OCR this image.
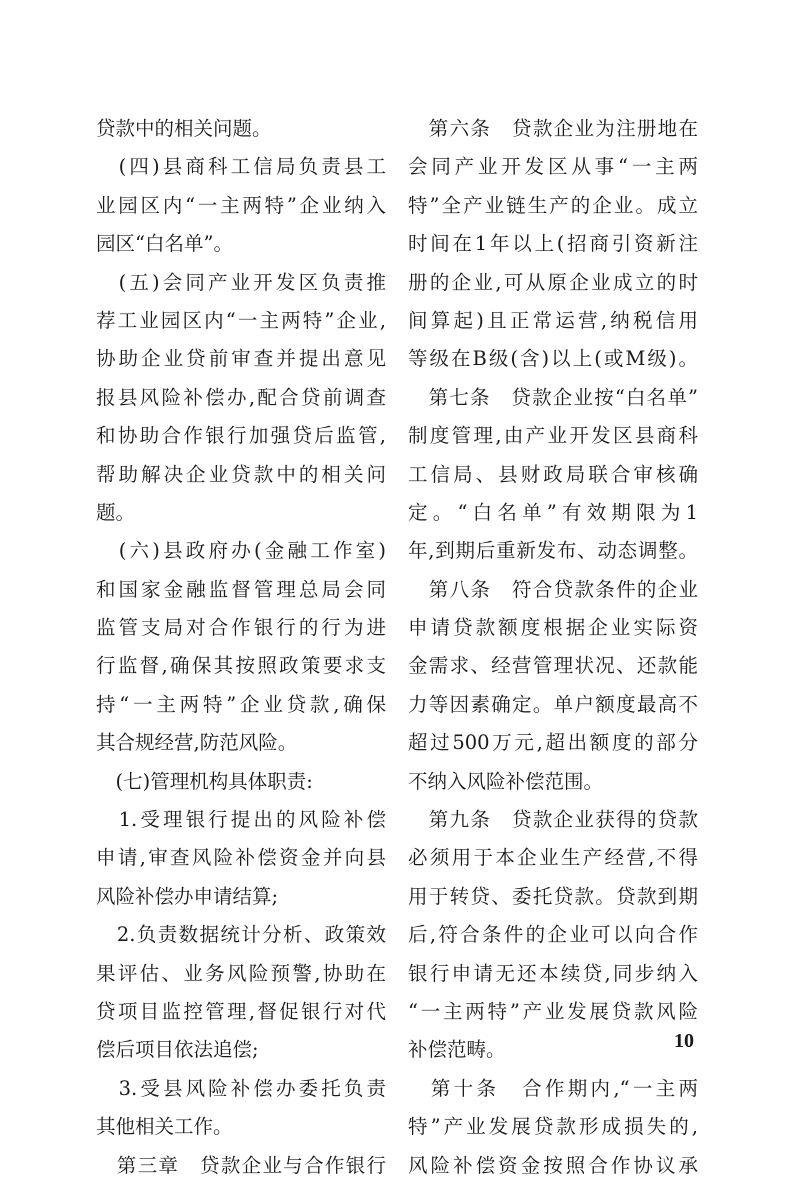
贷款中的相关问题。
　(四)县商科工信局负责县工
业园区内“一主两特”企业纳入
园区“白名单”。
　(五)会同产业开发区负责推
荐工业园区内“一主两特”企业,
协助企业贷前审查并提出意见
报县风险补偿办,配合贷前调查
和协助合作银行加强贷后监管,
帮助解决企业贷款中的相关问
题。
　(六)县政府办(金融工作室)
和国家金融监督管理总局会同
监管支局对合作银行的行为进
行监督,确保其按照政策要求支
持“一主两特”企业贷款,确保
其合规经营,防范风险。
　(七)管理机构具体职责:
　1.受理银行提出的风险补偿
申请,审查风险补偿资金并向县
风险补偿办申请结算;
　2.负责数据统计分析、政策效
果评估、业务风险预警,协助在
贷项目监控管理,督促银行对代
偿后项目依法追偿;
　3.受县风险补偿办委托负责
其他相关工作。
　第三章　贷款企业与合作银行
　第六条　贷款企业为注册地在
会同产业开发区从事“一主两
特”全产业链生产的企业。成立
时间在1年以上(招商引资新注
册的企业,可从原企业成立的时
间算起)且正常运营,纳税信用
等级在B级(含)以上(或M级)。
　第七条　贷款企业按“白名单”
制度管理,由产业开发区县商科
工信局、县财政局联合审核确
定。“白名单”有效期限为1
年,到期后重新发布、动态调整。
　第八条　符合贷款条件的企业
申请贷款额度根据企业实际资
金需求、经营管理状况、还款能
力等因素确定。单户额度最高不
超过500万元,超出额度的部分
不纳入风险补偿范围。
　第九条　贷款企业获得的贷款
必须用于本企业生产经营,不得
用于转贷、委托贷款。贷款到期
后,符合条件的企业可以向合作
银行申请无还本续贷,同步纳入
“一主两特”产业发展贷款风险
补偿范畴。
　第十条　合作期内,“一主两
特”产业发展贷款形成损失的,
风险补偿资金按照合作协议承
10
